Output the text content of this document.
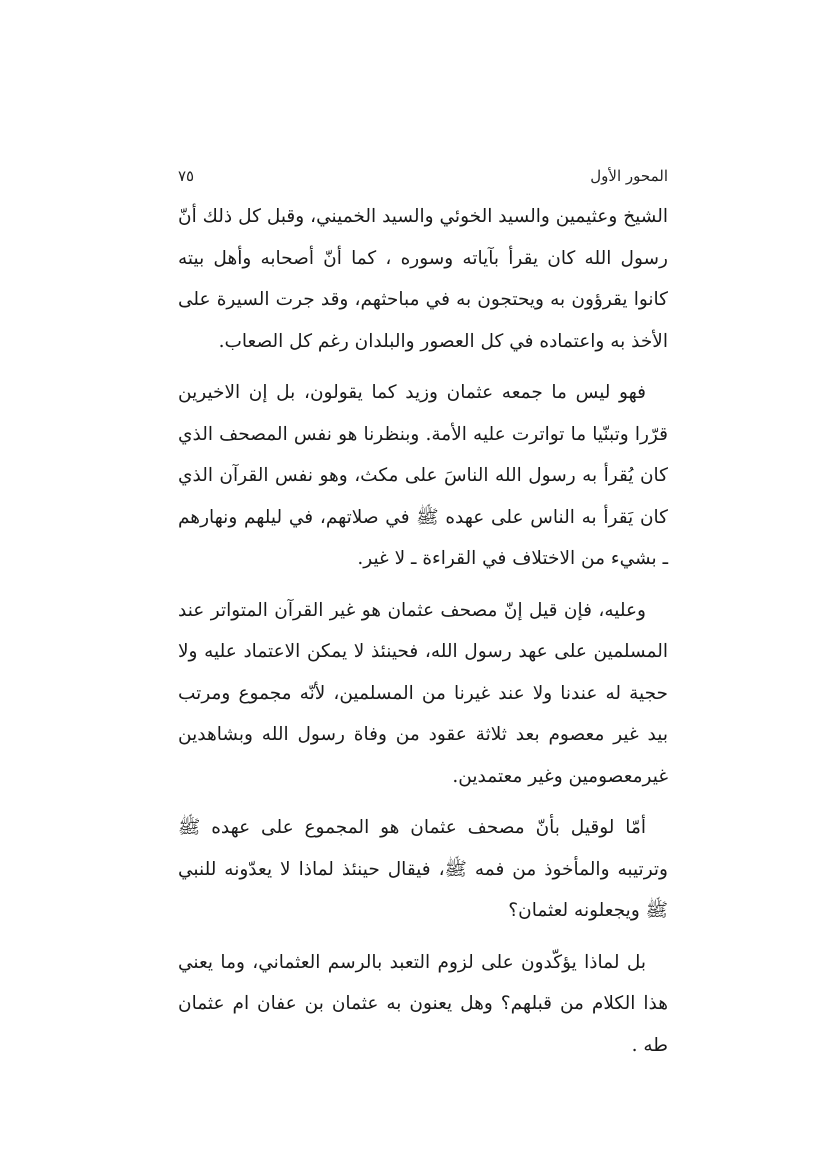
المحور الأول
٧٥

الشيخ وعثيمين والسيد الخوئي والسيد الخميني، وقبل كل ذلك أنّ رسول الله كان يقرأ بآياته وسوره ، كما أنّ أصحابه وأهل بيته كانوا يقرؤون به ويحتجون به في مباحثهم، وقد جرت السيرة على الأخذ به واعتماده في كل العصور والبلدان رغم كل الصعاب.

فهو ليس ما جمعه عثمان وزيد كما يقولون، بل إن الاخيرين قرّرا وتبنّيا ما تواترت عليه الأمة. وبنظرنا هو نفس المصحف الذي كان يُقرأ به رسول الله الناسَ على مكث، وهو نفس القرآن الذي كان يَقرأ به الناس على عهده ﷺ في صلاتهم، في ليلهم ونهارهم ـ بشيء من الاختلاف في القراءة ـ لا غير.

وعليه، فإن قيل إنّ مصحف عثمان هو غير القرآن المتواتر عند المسلمين على عهد رسول الله، فحينئذ لا يمكن الاعتماد عليه ولا حجية له عندنا ولا عند غيرنا من المسلمين، لأنّه مجموع ومرتب بيد غير معصوم بعد ثلاثة عقود من وفاة رسول الله وبشاهدين غيرمعصومين وغير معتمدين.

أمّا لوقيل بأنّ مصحف عثمان هو المجموع على عهده ﷺ وترتيبه والمأخوذ من فمه ﷺ، فيقال حينئذ لماذا لا يعدّونه للنبي ﷺ ويجعلونه لعثمان؟

بل لماذا يؤكّدون على لزوم التعبد بالرسم العثماني، وما يعني هذا الكلام من قبلهم؟ وهل يعنون به عثمان بن عفان ام عثمان طه .
